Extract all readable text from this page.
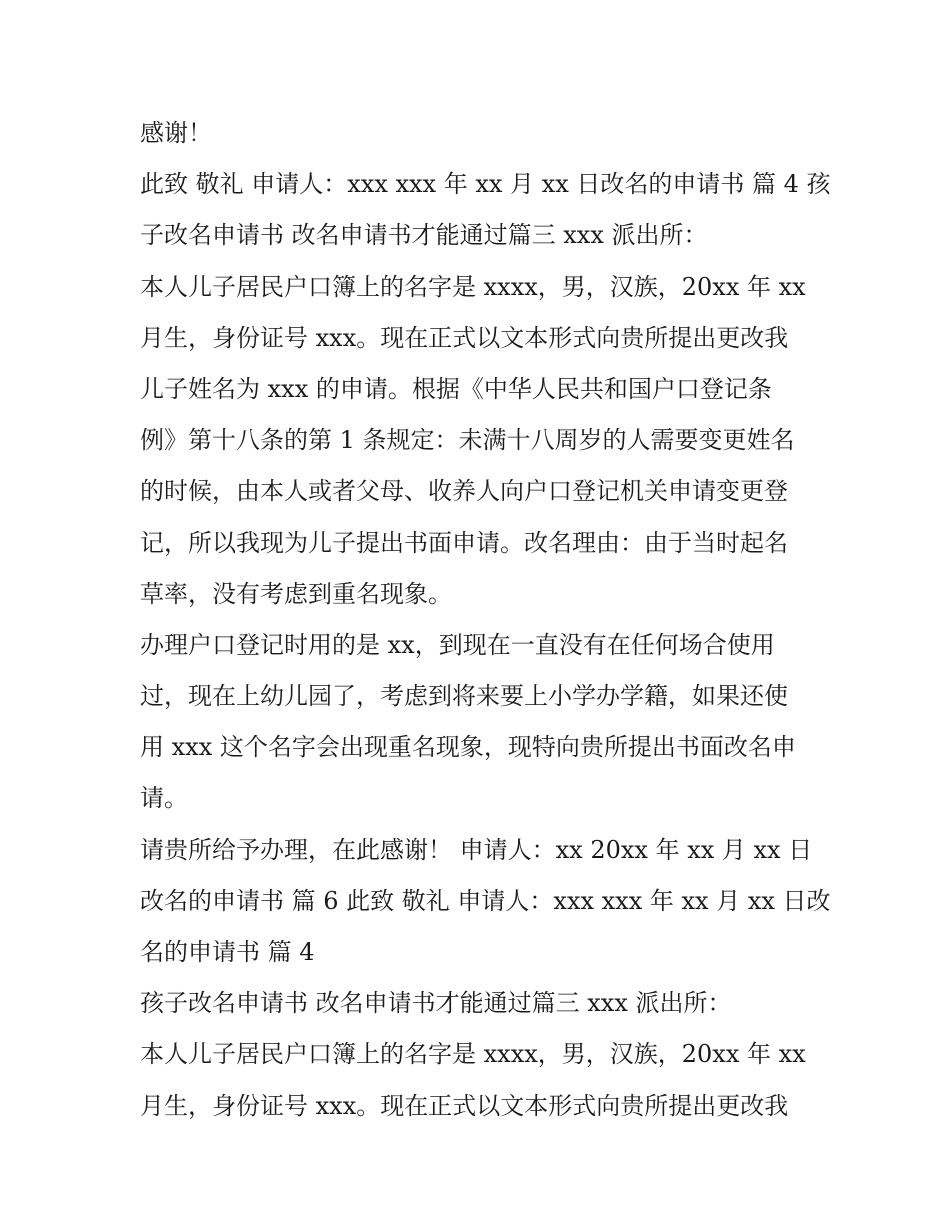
感谢！

此致 敬礼 申请人：xxx xxx 年 xx 月 xx 日改名的申请书 篇 4 孩

子改名申请书 改名申请书才能通过篇三 xxx 派出所：

本人儿子居民户口簿上的名字是 xxxx，男，汉族，20xx 年 xx

月生，身份证号 xxx。现在正式以文本形式向贵所提出更改我

儿子姓名为 xxx 的申请。根据《中华人民共和国户口登记条

例》第十八条的第 1 条规定：未满十八周岁的人需要变更姓名

的时候，由本人或者父母、收养人向户口登记机关申请变更登

记，所以我现为儿子提出书面申请。改名理由：由于当时起名

草率，没有考虑到重名现象。

办理户口登记时用的是 xx，到现在一直没有在任何场合使用

过，现在上幼儿园了，考虑到将来要上小学办学籍，如果还使

用 xxx 这个名字会出现重名现象，现特向贵所提出书面改名申

请。

请贵所给予办理，在此感谢！ 申请人：xx 20xx 年 xx 月 xx 日

改名的申请书 篇 6 此致 敬礼 申请人：xxx xxx 年 xx 月 xx 日改

名的申请书 篇 4

孩子改名申请书 改名申请书才能通过篇三 xxx 派出所：

本人儿子居民户口簿上的名字是 xxxx，男，汉族，20xx 年 xx

月生，身份证号 xxx。现在正式以文本形式向贵所提出更改我
